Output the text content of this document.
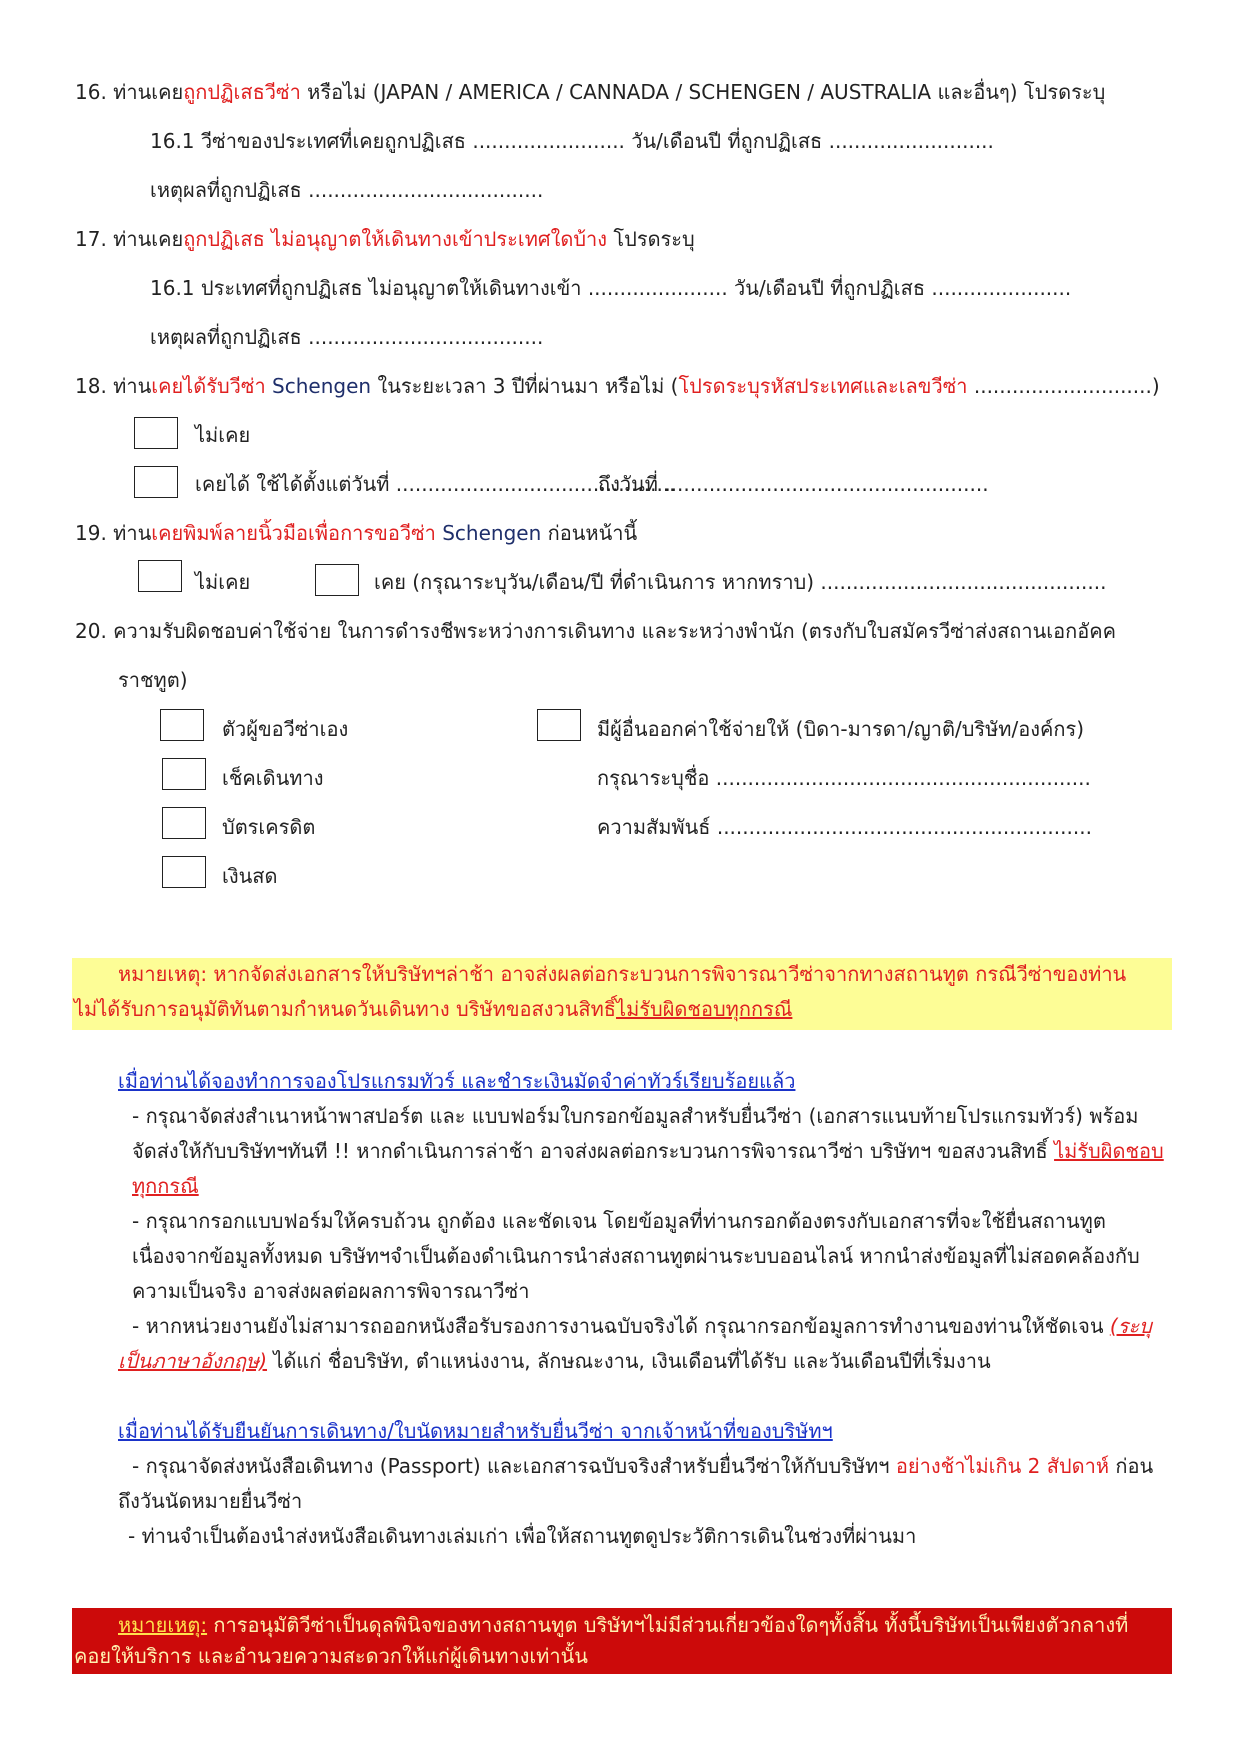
16. ท่านเคยถูกปฏิเสธวีซ่า หรือไม่ (JAPAN / AMERICA / CANNADA / SCHENGEN / AUSTRALIA และอื่นๆ) โปรดระบุ
16.1 วีซ่าของประเทศที่เคยถูกปฏิเสธ ........................ วัน/เดือนปี ที่ถูกปฏิเสธ ..........................
เหตุผลที่ถูกปฏิเสธ .....................................
17. ท่านเคยถูกปฏิเสธ ไม่อนุญาตให้เดินทางเข้าประเทศใดบ้าง โปรดระบุ
16.1 ประเทศที่ถูกปฏิเสธ ไม่อนุญาตให้เดินทางเข้า ...................... วัน/เดือนปี ที่ถูกปฏิเสธ ......................
เหตุผลที่ถูกปฏิเสธ .....................................
18. ท่านเคยได้รับวีซ่า Schengen ในระยะเวลา 3 ปีที่ผ่านมา หรือไม่ (โปรดระบุรหัสประเทศและเลขวีซ่า ............................)
ไม่เคย
เคยได้ ใช้ได้ตั้งแต่วันที่ ............................................
ถึงวันที่ ...................................................
19. ท่านเคยพิมพ์ลายนิ้วมือเพื่อการขอวีซ่า Schengen ก่อนหน้านี้
ไม่เคย	เคย (กรุณาระบุวัน/เดือน/ปี ที่ดำเนินการ หากทราบ) .............................................
20. ความรับผิดชอบค่าใช้จ่าย ในการดำรงชีพระหว่างการเดินทาง และระหว่างพำนัก (ตรงกับใบสมัครวีซ่าส่งสถานเอกอัคค
ราชทูต)
ตัวผู้ขอวีซ่าเอง	มีผู้อื่นออกค่าใช้จ่ายให้ (บิดา-มารดา/ญาติ/บริษัท/องค์กร)
เช็คเดินทาง	กรุณาระบุชื่อ ...........................................................
บัตรเครดิต	ความสัมพันธ์ ...........................................................
เงินสด
หมายเหตุ: หากจัดส่งเอกสารให้บริษัทฯล่าช้า อาจส่งผลต่อกระบวนการพิจารณาวีซ่าจากทางสถานทูต กรณีวีซ่าของท่าน
ไม่ได้รับการอนุมัติทันตามกำหนดวันเดินทาง บริษัทขอสงวนสิทธิ์ไม่รับผิดชอบทุกกรณี
เมื่อท่านได้จองทำการจองโปรแกรมทัวร์ และชำระเงินมัดจำค่าทัวร์เรียบร้อยแล้ว
- กรุณาจัดส่งสำเนาหน้าพาสปอร์ต และ แบบฟอร์มใบกรอกข้อมูลสำหรับยื่นวีซ่า (เอกสารแนบท้ายโปรแกรมทัวร์) พร้อม
จัดส่งให้กับบริษัทฯทันที !! หากดำเนินการล่าช้า อาจส่งผลต่อกระบวนการพิจารณาวีซ่า บริษัทฯ ขอสงวนสิทธิ์ ไม่รับผิดชอบ
ทุกกรณี
- กรุณากรอกแบบฟอร์มให้ครบถ้วน ถูกต้อง และชัดเจน โดยข้อมูลที่ท่านกรอกต้องตรงกับเอกสารที่จะใช้ยื่นสถานทูต
เนื่องจากข้อมูลทั้งหมด บริษัทฯจำเป็นต้องดำเนินการนำส่งสถานทูตผ่านระบบออนไลน์ หากนำส่งข้อมูลที่ไม่สอดคล้องกับ
ความเป็นจริง อาจส่งผลต่อผลการพิจารณาวีซ่า
- หากหน่วยงานยังไม่สามารถออกหนังสือรับรองการงานฉบับจริงได้ กรุณากรอกข้อมูลการทำงานของท่านให้ชัดเจน (ระบุ
เป็นภาษาอังกฤษ) ได้แก่ ชื่อบริษัท, ตำแหน่งงาน, ลักษณะงาน, เงินเดือนที่ได้รับ และวันเดือนปีที่เริ่มงาน
เมื่อท่านได้รับยืนยันการเดินทาง/ใบนัดหมายสำหรับยื่นวีซ่า จากเจ้าหน้าที่ของบริษัทฯ
- กรุณาจัดส่งหนังสือเดินทาง (Passport) และเอกสารฉบับจริงสำหรับยื่นวีซ่าให้กับบริษัทฯ อย่างช้าไม่เกิน 2 สัปดาห์ ก่อน
ถึงวันนัดหมายยื่นวีซ่า
- ท่านจำเป็นต้องนำส่งหนังสือเดินทางเล่มเก่า เพื่อให้สถานทูตดูประวัติการเดินในช่วงที่ผ่านมา
หมายเหตุ: การอนุมัติวีซ่าเป็นดุลพินิจของทางสถานทูต บริษัทฯไม่มีส่วนเกี่ยวข้องใดๆทั้งสิ้น ทั้งนี้บริษัทเป็นเพียงตัวกลางที่
คอยให้บริการ และอำนวยความสะดวกให้แก่ผู้เดินทางเท่านั้น
